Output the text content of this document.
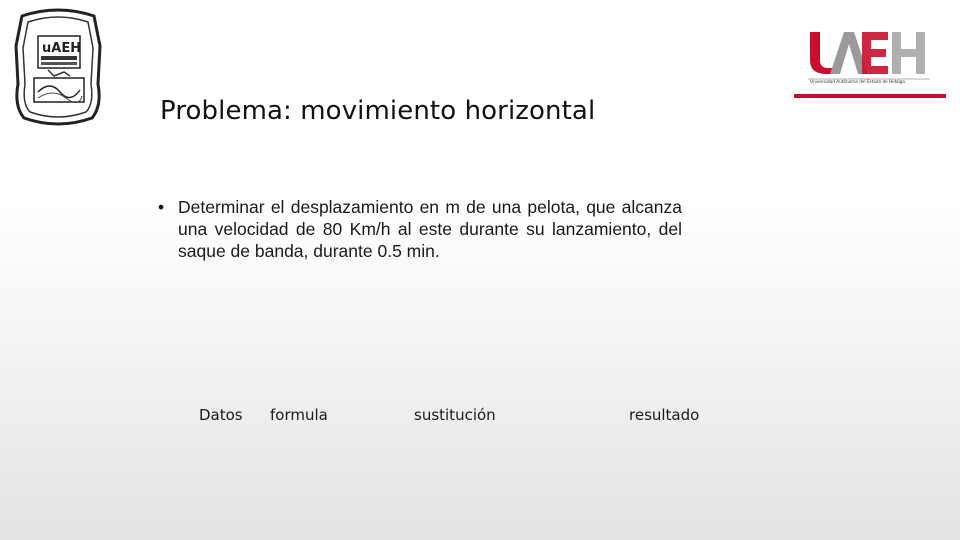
uAEH
Universidad Autónoma del Estado de Hidalgo
Problema: movimiento horizontal
• Determinar el desplazamiento en m de una pelota, que alcanza una velocidad de 80 Km/h al este durante su lanzamiento, del saque de banda, durante 0.5 min.
Datos formula	sustitución	resultado
